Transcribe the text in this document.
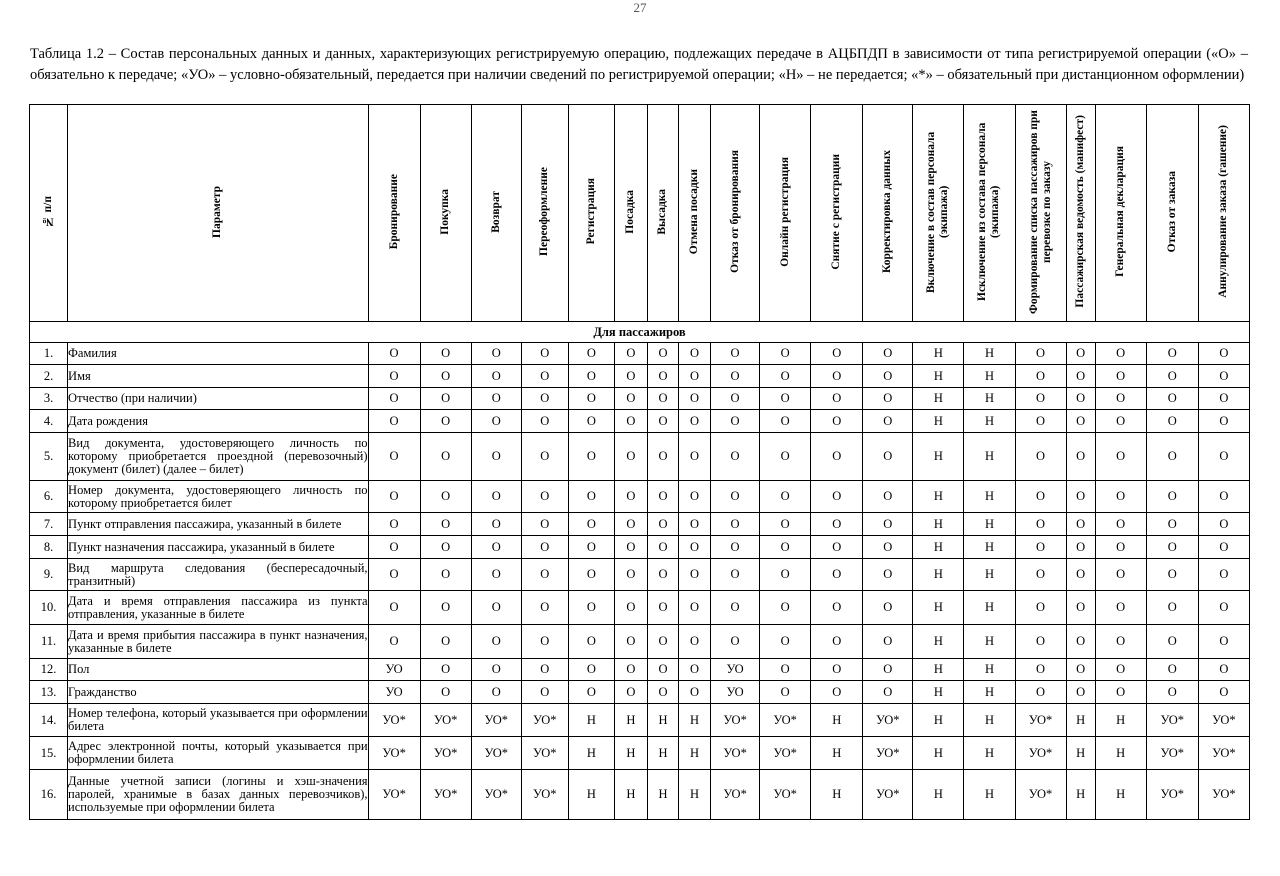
27
Таблица 1.2 – Состав персональных данных и данных, характеризующих регистрируемую операцию, подлежащих передаче в АЦБПДП в зависимости от типа регистрируемой операции («О» – обязательно к передаче; «УО» – условно-обязательный, передается при наличии сведений по регистрируемой операции; «Н» – не передается; «*» – обязательный при дистанционном оформлении)
№ п/п	Параметр	Бронирование	Покупка	Возврат	Переоформление	Регистрация	Посадка	Высадка	Отмена посадки	Отказ от бронирования	Онлайн регистрация	Снятие с регистрации	Корректировка данных	Включение в состав персонала (экипажа)	Исключение из состава персонала (экипажа)	Формирование списка пассажиров при перевозке по заказу	Пассажирская ведомость (манифест)	Генеральная декларация	Отказ от заказа	Аннулирование заказа (гашение)
Для пассажиров																				
1.	Фамилия	О	О	О	О	О	О	О	О	О	О	О	О	Н	Н	О	О	О	О	О
2.	Имя	О	О	О	О	О	О	О	О	О	О	О	О	Н	Н	О	О	О	О	О
3.	Отчество (при наличии)	О	О	О	О	О	О	О	О	О	О	О	О	Н	Н	О	О	О	О	О
4.	Дата рождения	О	О	О	О	О	О	О	О	О	О	О	О	Н	Н	О	О	О	О	О
5.	Вид документа, удостоверяющего личность по которому приобретается проездной (перевозочный) документ (билет) (далее – билет)	О	О	О	О	О	О	О	О	О	О	О	О	Н	Н	О	О	О	О	О
6.	Номер документа, удостоверяющего личность по которому приобретается билет	О	О	О	О	О	О	О	О	О	О	О	О	Н	Н	О	О	О	О	О
7.	Пункт отправления пассажира, указанный в билете	О	О	О	О	О	О	О	О	О	О	О	О	Н	Н	О	О	О	О	О
8.	Пункт назначения пассажира, указанный в билете	О	О	О	О	О	О	О	О	О	О	О	О	Н	Н	О	О	О	О	О
9.	Вид маршрута следования (беспересадочный, транзитный)	О	О	О	О	О	О	О	О	О	О	О	О	Н	Н	О	О	О	О	О
10.	Дата и время отправления пассажира из пункта отправления, указанные в билете	О	О	О	О	О	О	О	О	О	О	О	О	Н	Н	О	О	О	О	О
11.	Дата и время прибытия пассажира в пункт назначения, указанные в билете	О	О	О	О	О	О	О	О	О	О	О	О	Н	Н	О	О	О	О	О
12.	Пол	УО	О	О	О	О	О	О	О	УО	О	О	О	Н	Н	О	О	О	О	О
13.	Гражданство	УО	О	О	О	О	О	О	О	УО	О	О	О	Н	Н	О	О	О	О	О
14.	Номер телефона, который указывается при оформлении билета	УО*	УО*	УО*	УО*	Н	Н	Н	Н	УО*	УО*	Н	УО*	Н	Н	УО*	Н	Н	УО*	УО*
15.	Адрес электронной почты, который указывается при оформлении билета	УО*	УО*	УО*	УО*	Н	Н	Н	Н	УО*	УО*	Н	УО*	Н	Н	УО*	Н	Н	УО*	УО*
16.	Данные учетной записи (логины и хэш-значения паролей, хранимые в базах данных перевозчиков), используемые при оформлении билета	УО*	УО*	УО*	УО*	Н	Н	Н	Н	УО*	УО*	Н	УО*	Н	Н	УО*	Н	Н	УО*	УО*
